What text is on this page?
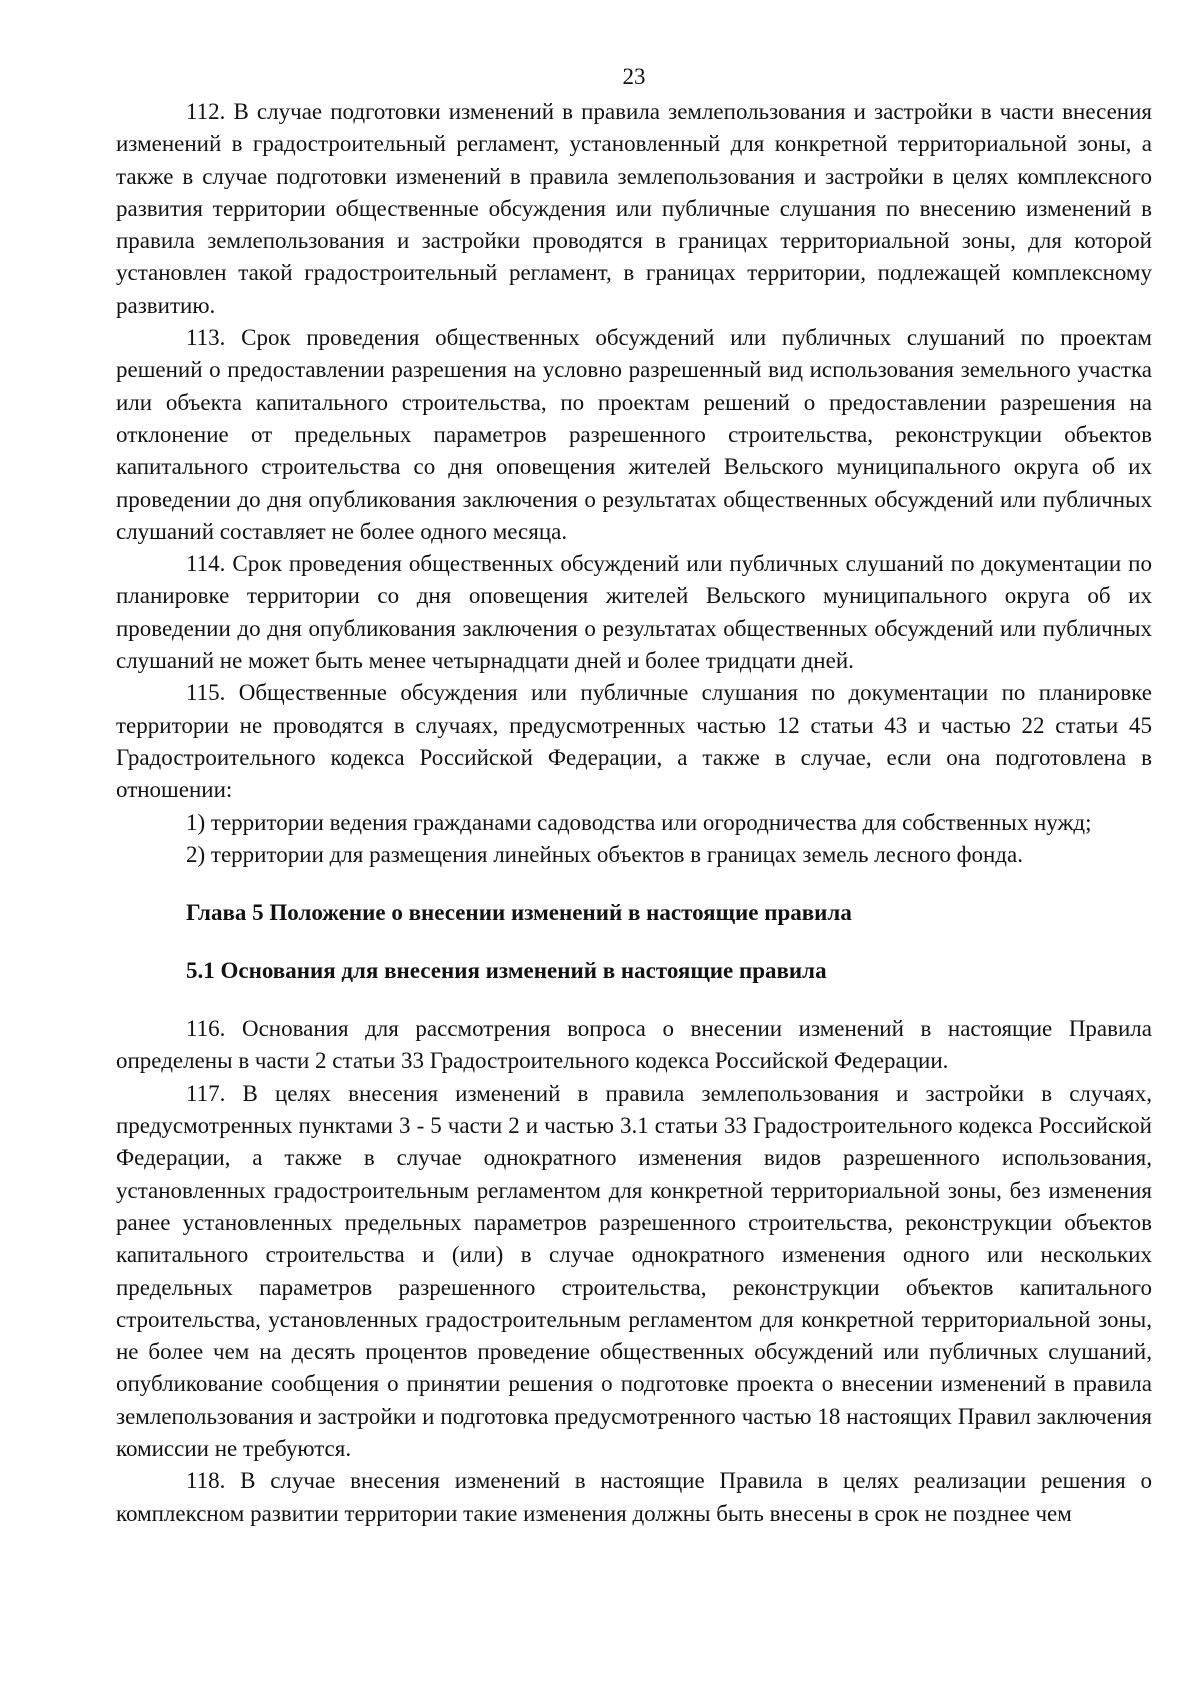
23

112. В случае подготовки изменений в правила землепользования и застройки в части внесения изменений в градостроительный регламент, установленный для конкретной территориальной зоны, а также в случае подготовки изменений в правила землепользования и застройки в целях комплексного развития территории общественные обсуждения или публичные слушания по внесению изменений в правила землепользования и застройки проводятся в границах территориальной зоны, для которой установлен такой градостроительный регламент, в границах территории, подлежащей комплексному развитию.

113. Срок проведения общественных обсуждений или публичных слушаний по проектам решений о предоставлении разрешения на условно разрешенный вид использования земельного участка или объекта капитального строительства, по проектам решений о предоставлении разрешения на отклонение от предельных параметров разрешенного строительства, реконструкции объектов капитального строительства со дня оповещения жителей Вельского муниципального округа об их проведении до дня опубликования заключения о результатах общественных обсуждений или публичных слушаний составляет не более одного месяца.

114. Срок проведения общественных обсуждений или публичных слушаний по документации по планировке территории со дня оповещения жителей Вельского муниципального округа об их проведении до дня опубликования заключения о результатах общественных обсуждений или публичных слушаний не может быть менее четырнадцати дней и более тридцати дней.

115. Общественные обсуждения или публичные слушания по документации по планировке территории не проводятся в случаях, предусмотренных частью 12 статьи 43 и частью 22 статьи 45 Градостроительного кодекса Российской Федерации, а также в случае, если она подготовлена в отношении:

1) территории ведения гражданами садоводства или огородничества для собственных нужд;

2) территории для размещения линейных объектов в границах земель лесного фонда.

Глава 5 Положение о внесении изменений в настоящие правила
5.1 Основания для внесения изменений в настоящие правила

116. Основания для рассмотрения вопроса о внесении изменений в настоящие Правила определены в части 2 статьи 33 Градостроительного кодекса Российской Федерации.

117. В целях внесения изменений в правила землепользования и застройки в случаях, предусмотренных пунктами 3 - 5 части 2 и частью 3.1 статьи 33 Градостроительного кодекса Российской Федерации, а также в случае однократного изменения видов разрешенного использования, установленных градостроительным регламентом для конкретной территориальной зоны, без изменения ранее установленных предельных параметров разрешенного строительства, реконструкции объектов капитального строительства и (или) в случае однократного изменения одного или нескольких предельных параметров разрешенного строительства, реконструкции объектов капитального строительства, установленных градостроительным регламентом для конкретной территориальной зоны, не более чем на десять процентов проведение общественных обсуждений или публичных слушаний, опубликование сообщения о принятии решения о подготовке проекта о внесении изменений в правила землепользования и застройки и подготовка предусмотренного частью 18 настоящих Правил заключения комиссии не требуются.

118. В случае внесения изменений в настоящие Правила в целях реализации решения о комплексном развитии территории такие изменения должны быть внесены в срок не позднее чем
